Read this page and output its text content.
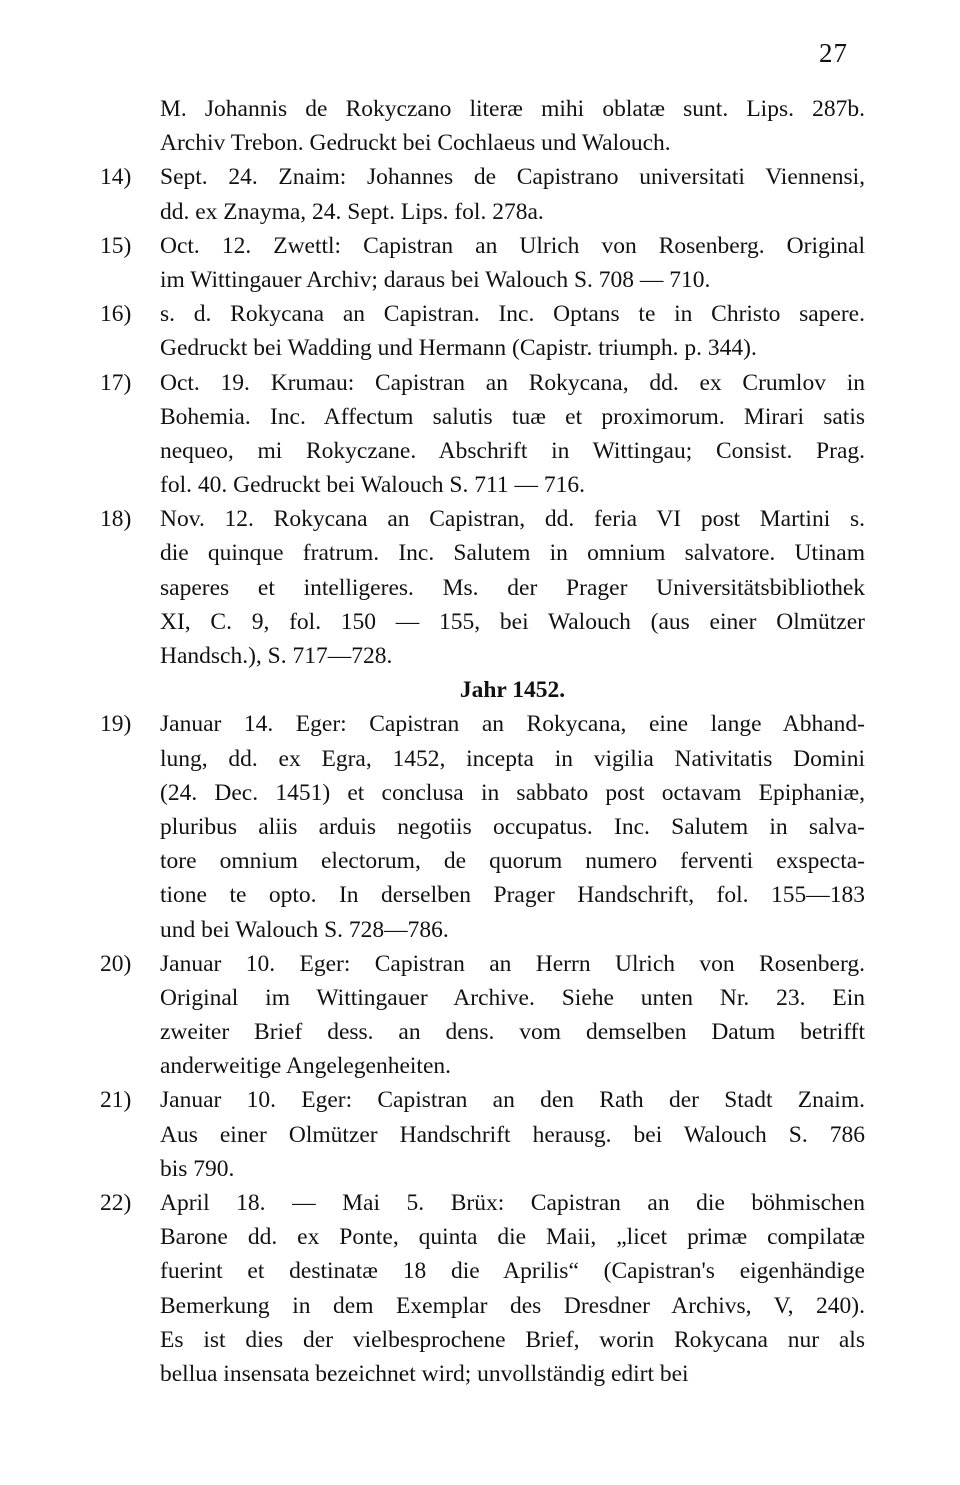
27
M. Johannis de Rokyczano literæ mihi oblatæ sunt. Lips. 287b.
Archiv Trebon. Gedruckt bei Cochlaeus und Walouch.
14)	Sept. 24. Znaim: Johannes de Capistrano universitati Viennensi,
dd. ex Znayma, 24. Sept. Lips. fol. 278a.
15)	Oct. 12. Zwettl: Capistran an Ulrich von Rosenberg. Original
im Wittingauer Archiv; daraus bei Walouch S. 708 — 710.
16)	s. d. Rokycana an Capistran. Inc. Optans te in Christo sapere.
Gedruckt bei Wadding und Hermann (Capistr. triumph. p. 344).
17)	Oct. 19. Krumau: Capistran an Rokycana, dd. ex Crumlov in
Bohemia. Inc. Affectum salutis tuæ et proximorum. Mirari satis
nequeo, mi Rokyczane. Abschrift in Wittingau; Consist. Prag.
fol. 40. Gedruckt bei Walouch S. 711 — 716.
18)	Nov. 12. Rokycana an Capistran, dd. feria VI post Martini s.
die quinque fratrum. Inc. Salutem in omnium salvatore. Utinam
saperes et intelligeres. Ms. der Prager Universitätsbibliothek
XI, C. 9, fol. 150 — 155, bei Walouch (aus einer Olmützer
Handsch.), S. 717—728.
Jahr 1452.
19)	Januar 14. Eger: Capistran an Rokycana, eine lange Abhand-
lung, dd. ex Egra, 1452, incepta in vigilia Nativitatis Domini
(24. Dec. 1451) et conclusa in sabbato post octavam Epiphaniæ,
pluribus aliis arduis negotiis occupatus. Inc. Salutem in salva-
tore omnium electorum, de quorum numero ferventi exspecta-
tione te opto. In derselben Prager Handschrift, fol. 155—183
und bei Walouch S. 728—786.
20)	Januar 10. Eger: Capistran an Herrn Ulrich von Rosenberg.
Original im Wittingauer Archive. Siehe unten Nr. 23. Ein
zweiter Brief dess. an dens. vom demselben Datum betrifft
anderweitige Angelegenheiten.
21)	Januar 10. Eger: Capistran an den Rath der Stadt Znaim.
Aus einer Olmützer Handschrift herausg. bei Walouch S. 786
bis 790.
22)	April 18. — Mai 5. Brüx: Capistran an die böhmischen
Barone dd. ex Ponte, quinta die Maii, „licet primæ compilatæ
fuerint et destinatæ 18 die Aprilis“ (Capistran's eigenhändige
Bemerkung in dem Exemplar des Dresdner Archivs, V, 240).
Es ist dies der vielbesprochene Brief, worin Rokycana nur als
bellua insensata bezeichnet wird; unvollständig edirt bei
